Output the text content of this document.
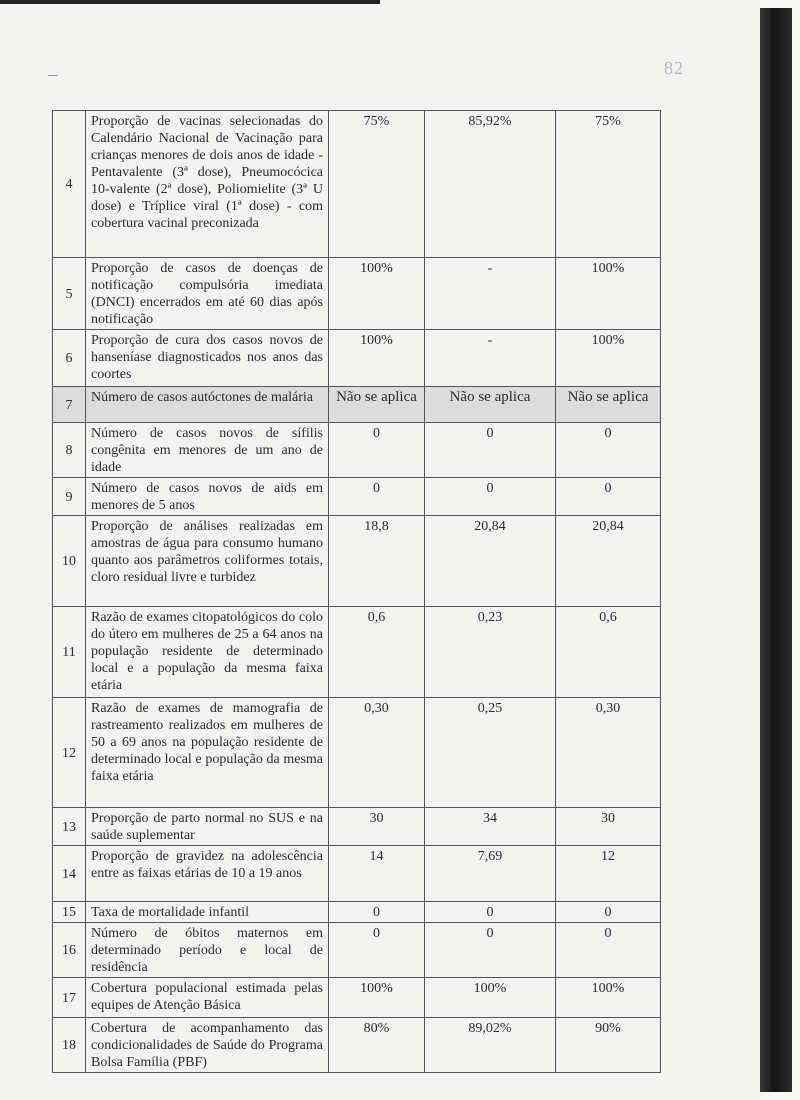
82
4	Proporção de vacinas selecionadas do Calendário Nacional de Vacinação para crianças menores de dois anos de idade - Pentavalente (3ª dose), Pneumocócica 10-valente (2ª dose), Poliomielite (3ª U dose) e Tríplice viral (1ª dose) - com cobertura vacinal preconizada	75%	85,92%	75%
5	Proporção de casos de doenças de notificação compulsória imediata (DNCI) encerrados em até 60 dias após notificação	100%	-	100%
6	Proporção de cura dos casos novos de hanseníase diagnosticados nos anos das coortes	100%	-	100%
7	Número de casos autóctones de malária	Não se aplica	Não se aplica	Não se aplica
8	Número de casos novos de sífilis congênita em menores de um ano de idade	0	0	0
9	Número de casos novos de aids em menores de 5 anos	0	0	0
10	Proporção de análises realizadas em amostras de água para consumo humano quanto aos parâmetros coliformes totais, cloro residual livre e turbidez	18,8	20,84	20,84
11	Razão de exames citopatológicos do colo do útero em mulheres de 25 a 64 anos na população residente de determinado local e a população da mesma faixa etária	0,6	0,23	0,6
12	Razão de exames de mamografia de rastreamento realizados em mulheres de 50 a 69 anos na população residente de determinado local e população da mesma faixa etária	0,30	0,25	0,30
13	Proporção de parto normal no SUS e na saúde suplementar	30	34	30
14	Proporção de gravidez na adolescência entre as faixas etárias de 10 a 19 anos	14	7,69	12
15	Taxa de mortalidade infantil	0	0	0
16	Número de óbitos maternos em determinado período e local de residência	0	0	0
17	Cobertura populacional estimada pelas equipes de Atenção Básica	100%	100%	100%
18	Cobertura de acompanhamento das condicionalidades de Saúde do Programa Bolsa Família (PBF)	80%	89,02%	90%
